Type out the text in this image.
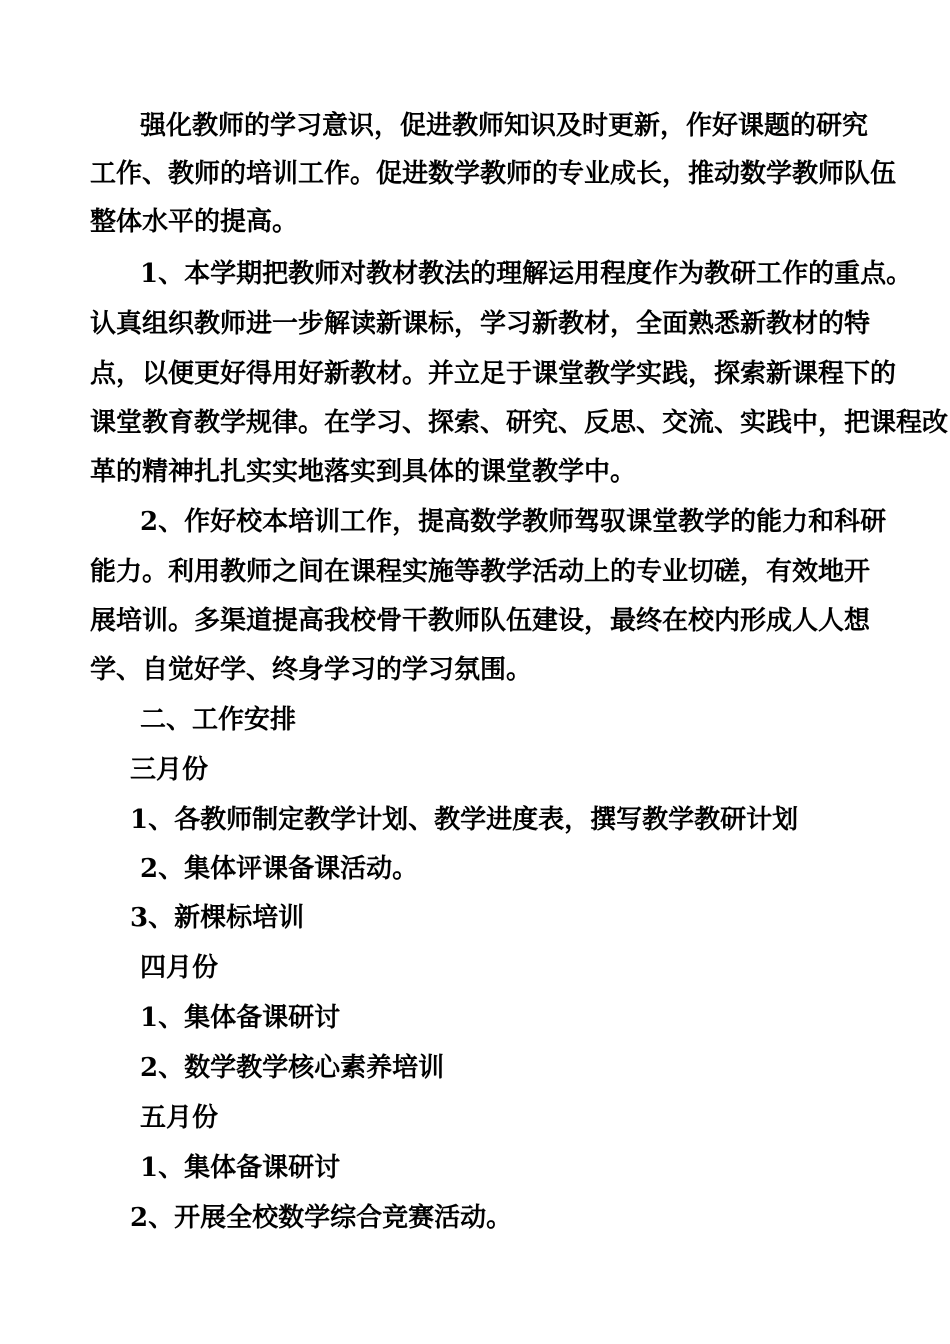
强化教师的学习意识，促进教师知识及时更新，作好课题的研究
工作、教师的培训工作。促进数学教师的专业成长，推动数学教师队伍
整体水平的提高。
1、本学期把教师对教材教法的理解运用程度作为教研工作的重点。
认真组织教师进一步解读新课标，学习新教材，全面熟悉新教材的特
点，以便更好得用好新教材。并立足于课堂教学实践，探索新课程下的
课堂教育教学规律。在学习、探索、研究、反思、交流、实践中，把课程改
革的精神扎扎实实地落实到具体的课堂教学中。
2、作好校本培训工作，提高数学教师驾驭课堂教学的能力和科研
能力。利用教师之间在课程实施等教学活动上的专业切磋，有效地开
展培训。多渠道提高我校骨干教师队伍建设，最终在校内形成人人想
学、自觉好学、终身学习的学习氛围。
二、工作安排
三月份
1、各教师制定教学计划、教学进度表，撰写教学教研计划
2、集体评课备课活动。
3、新棵标培训
四月份
1、集体备课研讨
2、数学教学核心素养培训
五月份
1、集体备课研讨
2、开展全校数学综合竞赛活动。
